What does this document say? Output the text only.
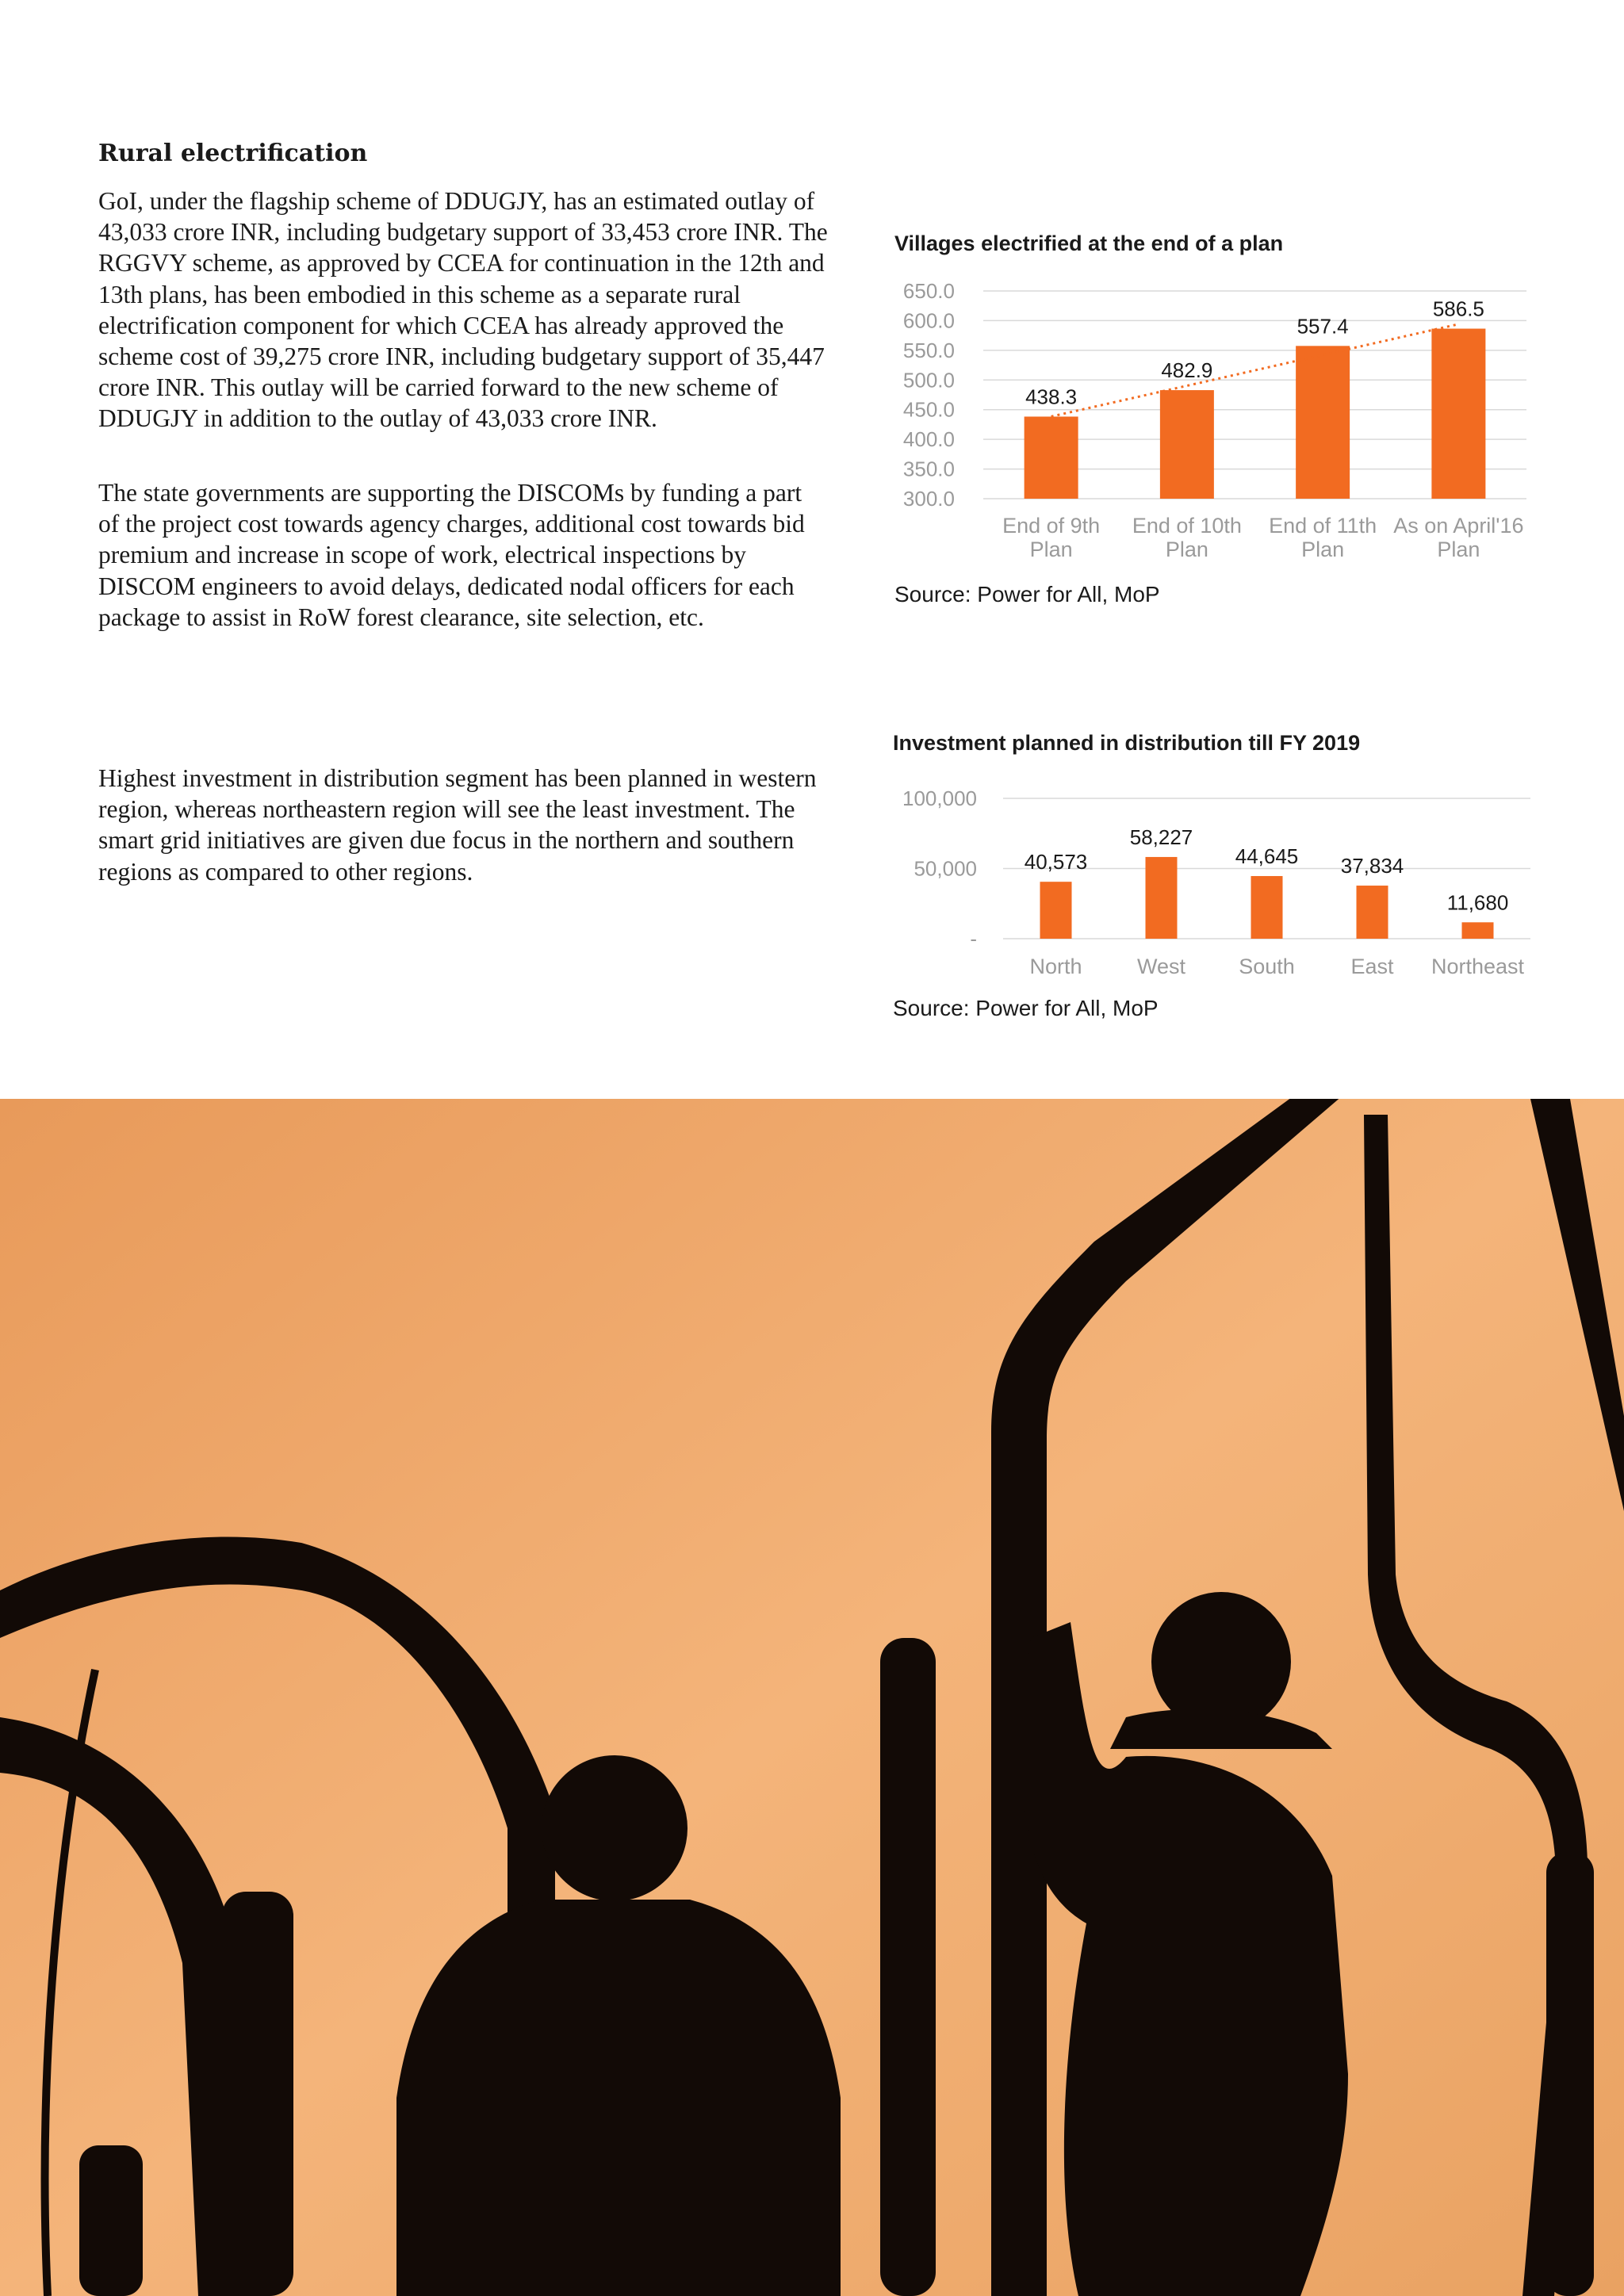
Rural electrification

GoI, under the flagship scheme of DDUGJY, has an estimated outlay of 43,033 crore INR, including budgetary support of 33,453 crore INR. The RGGVY scheme, as approved by CCEA for continuation in the 12th and 13th plans, has been embodied in this scheme as a separate rural electrification component for which CCEA has already approved the scheme cost of 39,275 crore INR, including budgetary support of 35,447 crore INR. This outlay will be carried forward to the new scheme of DDUGJY in addition to the outlay of 43,033 crore INR.

The state governments are supporting the DISCOMs by funding a part of the project cost towards agency charges, additional cost towards bid premium and increase in scope of work, electrical inspections by DISCOM engineers to avoid delays, dedicated nodal officers for each package to assist in RoW forest clearance, site selection, etc.

Highest investment in distribution segment has been planned in western region, whereas northeastern region will see the least investment. The smart grid initiatives are given due focus in the northern and southern regions as compared to other regions.

Villages electrified at the end of a plan
300.0
350.0
400.0
450.0
500.0
550.0
600.0
650.0
438.3
End of 9th
Plan
482.9
End of 10th
Plan
557.4
End of 11th
Plan
586.5
As on April'16
Plan

Source: Power for All, MoP

Investment planned in distribution till FY 2019
-
50,000
100,000
40,573
North
58,227
West
44,645
South
37,834
East
11,680
Northeast

Source: Power for All, MoP
